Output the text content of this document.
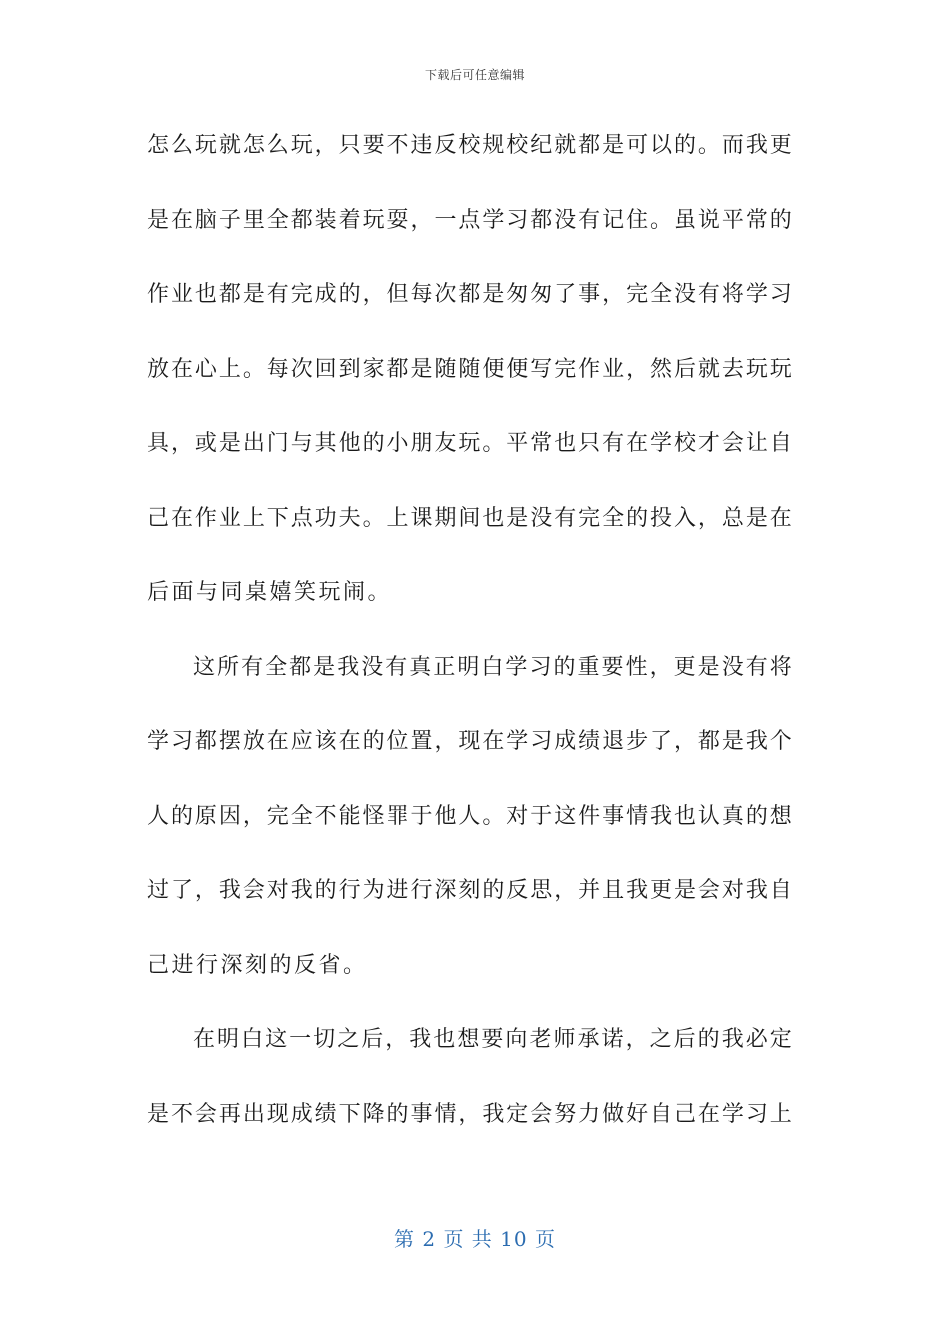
下载后可任意编辑
怎 么 玩 就 怎 么 玩 ， 只 要 不 违 反 校 规 校 纪 就 都 是 可 以 的 。 而 我 更
是 在 脑 子 里 全 都 装 着 玩 耍 ， 一 点 学 习 都 没 有 记 住 。 虽 说 平 常 的
作 业 也 都 是 有 完 成 的 ， 但 每 次 都 是 匆 匆 了 事 ， 完 全 没 有 将 学 习
放 在 心 上 。 每 次 回 到 家 都 是 随 随 便 便 写 完 作 业 ， 然 后 就 去 玩 玩
具 ， 或 是 出 门 与 其 他 的 小 朋 友 玩 。 平 常 也 只 有 在 学 校 才 会 让 自
己 在 作 业 上 下 点 功 夫 。 上 课 期 间 也 是 没 有 完 全 的 投 入 ， 总 是 在
后面与同桌嬉笑玩闹。
这 所 有 全 都 是 我 没 有 真 正 明 白 学 习 的 重 要 性 ， 更 是 没 有 将
学 习 都 摆 放 在 应 该 在 的 位 置 ， 现 在 学 习 成 绩 退 步 了 ， 都 是 我 个
人 的 原 因 ， 完 全 不 能 怪 罪 于 他 人 。 对 于 这 件 事 情 我 也 认 真 的 想
过 了 ， 我 会 对 我 的 行 为 进 行 深 刻 的 反 思 ， 并 且 我 更 是 会 对 我 自
己进行深刻的反省。
在 明 白 这 一 切 之 后 ， 我 也 想 要 向 老 师 承 诺 ， 之 后 的 我 必 定
是 不 会 再 出 现 成 绩 下 降 的 事 情 ， 我 定 会 努 力 做 好 自 己 在 学 习 上
第 2 页 共 10 页
